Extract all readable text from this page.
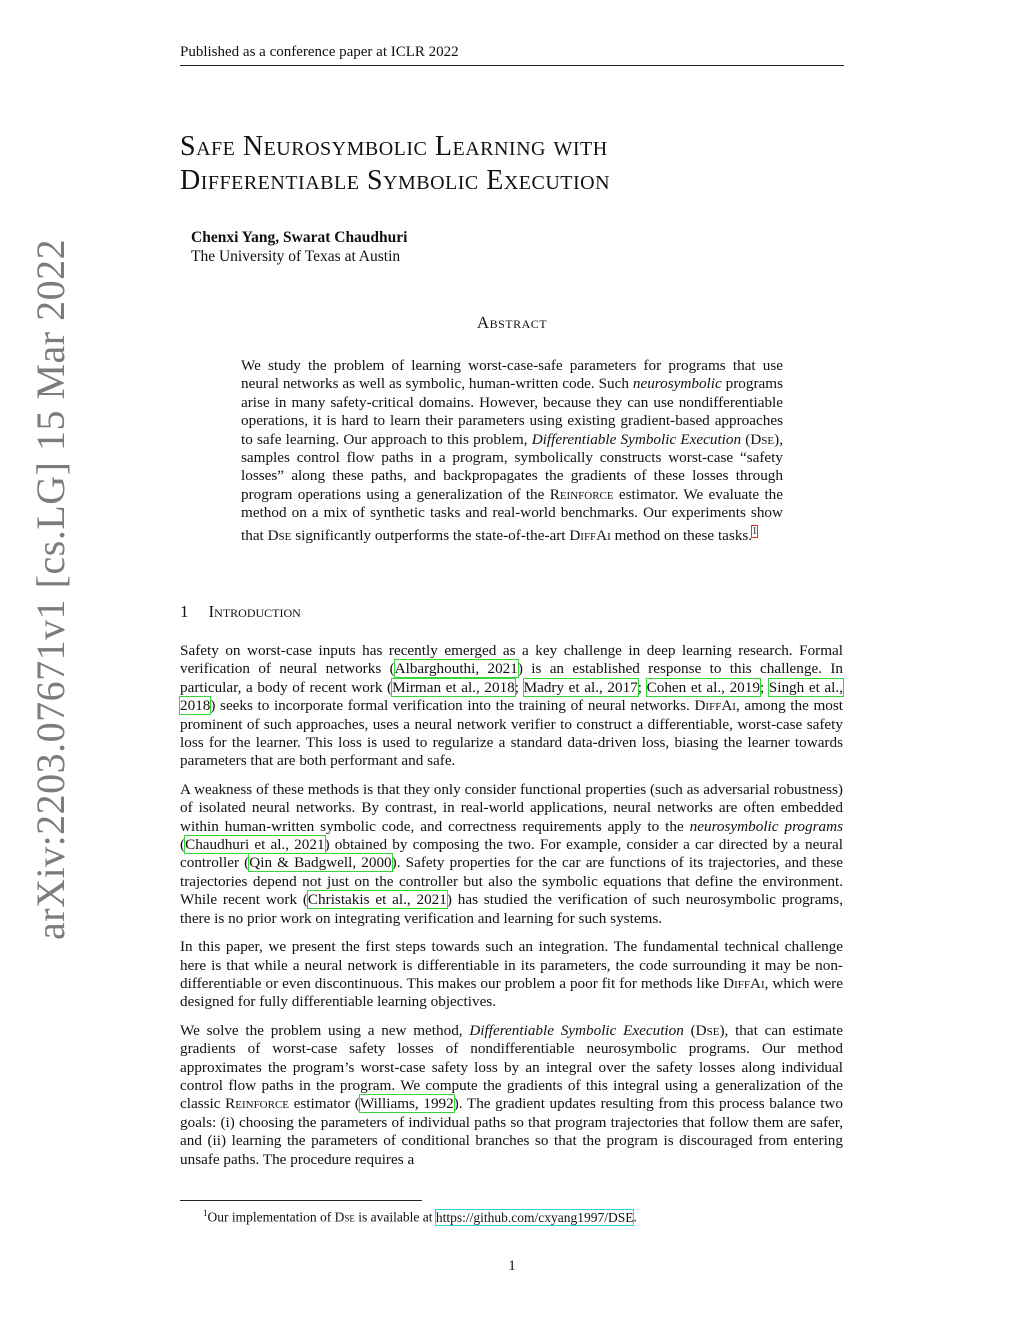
Published as a conference paper at ICLR 2022
Safe Neurosymbolic Learning with
Differentiable Symbolic Execution
Chenxi Yang, Swarat Chaudhuri
The University of Texas at Austin
Abstract
We study the problem of learning worst-case-safe parameters for programs that use neural networks as well as symbolic, human-written code. Such neurosymbolic programs arise in many safety-critical domains. However, because they can use nondifferentiable operations, it is hard to learn their parameters using existing gradient-based approaches to safe learning. Our approach to this problem, Differentiable Symbolic Execution (Dse), samples control flow paths in a program, symbolically constructs worst-case “safety losses” along these paths, and backpropagates the gradients of these losses through program operations using a generalization of the Reinforce estimator. We evaluate the method on a mix of synthetic tasks and real-world benchmarks. Our experiments show that Dse significantly outperforms the state-of-the-art DiffAi method on these tasks.$^1$
1 Introduction

Safety on worst-case inputs has recently emerged as a key challenge in deep learning research. Formal verification of neural networks (Albarghouthi, 2021) is an established response to this challenge. In particular, a body of recent work (Mirman et al., 2018; Madry et al., 2017; Cohen et al., 2019; Singh et al., 2018) seeks to incorporate formal verification into the training of neural networks. DiffAi, among the most prominent of such approaches, uses a neural network verifier to construct a differentiable, worst-case safety loss for the learner. This loss is used to regularize a standard data-driven loss, biasing the learner towards parameters that are both performant and safe.

A weakness of these methods is that they only consider functional properties (such as adversarial robustness) of isolated neural networks. By contrast, in real-world applications, neural networks are often embedded within human-written symbolic code, and correctness requirements apply to the neurosymbolic programs (Chaudhuri et al., 2021) obtained by composing the two. For example, consider a car directed by a neural controller (Qin & Badgwell, 2000). Safety properties for the car are functions of its trajectories, and these trajectories depend not just on the controller but also the symbolic equations that define the environment. While recent work (Christakis et al., 2021) has studied the verification of such neurosymbolic programs, there is no prior work on integrating verification and learning for such systems.

In this paper, we present the first steps towards such an integration. The fundamental technical challenge here is that while a neural network is differentiable in its parameters, the code surrounding it may be non-differentiable or even discontinuous. This makes our problem a poor fit for methods like DiffAi, which were designed for fully differentiable learning objectives.

We solve the problem using a new method, Differentiable Symbolic Execution (Dse), that can estimate gradients of worst-case safety losses of nondifferentiable neurosymbolic programs. Our method approximates the program’s worst-case safety loss by an integral over the safety losses along individual control flow paths in the program. We compute the gradients of this integral using a generalization of the classic Reinforce estimator (Williams, 1992). The gradient updates resulting from this process balance two goals: (i) choosing the parameters of individual paths so that program trajectories that follow them are safer, and (ii) learning the parameters of conditional branches so that the program is discouraged from entering unsafe paths. The procedure requires a

$^1$Our implementation of Dse is available at https://github.com/cxyang1997/DSE.
1
arXiv:2203.07671v1 [cs.LG] 15 Mar 2022
